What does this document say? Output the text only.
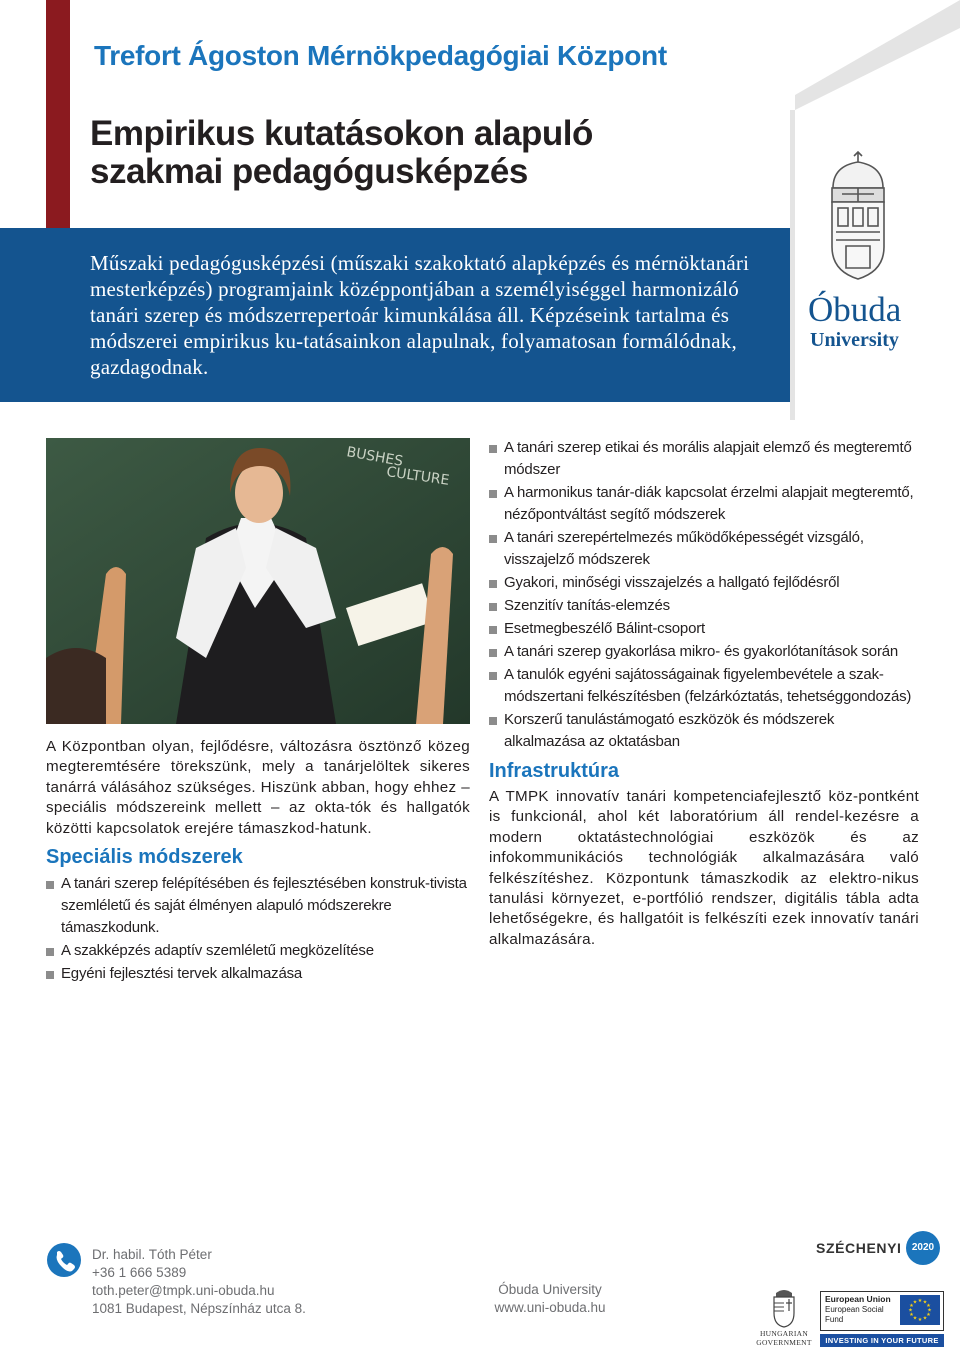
Trefort Ágoston Mérnökpedagógiai Központ
Empirikus kutatásokon alapuló szakmai pedagógusképzés
Műszaki pedagógusképzési (műszaki szakoktató alapképzés és mérnöktanári mesterképzés) programjaink középpontjában a személyiséggel harmonizáló tanári szerep és módszerrepertoár kimunkálása áll. Képzéseink tartalma és módszerei empirikus ku-tatásainkon alapulnak, folyamatosan formálódnak, gazdagodnak.
Óbuda
University
BUSHES
CULTURE

A Központban olyan, fejlődésre, változásra ösztönző közeg megteremtésére törekszünk, mely a tanárjelöltek sikeres tanárrá válásához szükséges. Hiszünk abban, hogy ehhez – speciális módszereink mellett – az okta-tók és hallgatók közötti kapcsolatok erejére támaszkod-hatunk.

Speciális módszerek
A tanári szerep felépítésében és fejlesztésében konstruk-tivista szemléletű és saját élményen alapuló módszerekre támaszkodunk.
A szakképzés adaptív szemléletű megközelítése
Egyéni fejlesztési tervek alkalmazása
A tanári szerep etikai és morális alapjait elemző és megteremtő módszer
A harmonikus tanár-diák kapcsolat érzelmi alapjait megteremtő, nézőpontváltást segítő módszerek
A tanári szerepértelmezés működőképességét vizsgáló, visszajelző módszerek
Gyakori, minőségi visszajelzés a hallgató fejlődésről
Szenzitív tanítás-elemzés
Esetmegbeszélő Bálint-csoport
A tanári szerep gyakorlása mikro- és gyakorlótanítások során
A tanulók egyéni sajátosságainak figyelembevétele a szak-módszertani felkészítésben (felzárkóztatás, tehetséggondozás)
Korszerű tanulástámogató eszközök és módszerek alkalmazása az oktatásban
Infrastruktúra

A TMPK innovatív tanári kompetenciafejlesztő köz-pontként is funkcionál, ahol két laboratórium áll rendel-kezésre a modern oktatástechnológiai eszközök és az infokommunikációs technológiák alkalmazására való felkészítéshez. Központunk támaszkodik az elektro-nikus tanulási környezet, e-portfólió rendszer, digitális tábla adta lehetőségekre, és hallgatóit is felkészíti ezek innovatív tanári alkalmazására.

Dr. habil. Tóth Péter
+36 1 666 5389
toth.peter@tmpk.uni-obuda.hu
1081 Budapest, Népszínház utca 8.
Óbuda University
www.uni-obuda.hu
SZÉCHENYI	2020
HUNGARIAN GOVERNMENT
European Union
European Social
Fund
★ ★
★
★
★
★
★
★
★
★
★
★
INVESTING IN YOUR FUTURE
